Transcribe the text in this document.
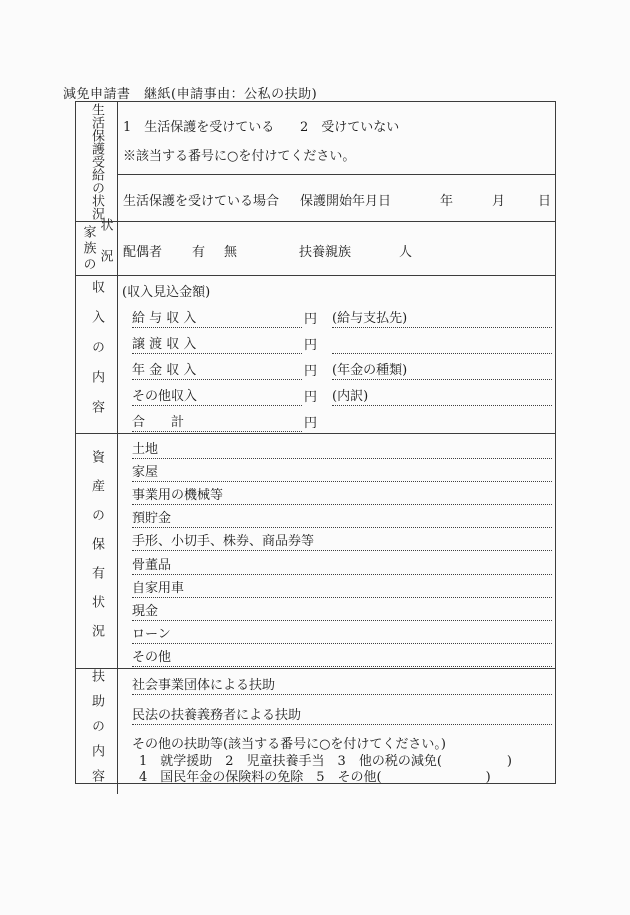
減免申請書　継紙(申請事由：公私の扶助)
生活保護受給の状況 1　生活保護を受けている 2　受けていない
※該当する番号に○を付けてください。
生活保護を受けている場合 保護開始年月日	年	月	日
家族の 状況 配偶者 有 無	扶養親族	人
収入の内容 (収入見込金額)
給 与 収 入	円 (給与支払先)
譲 渡 収 入	円
年 金 収 入	円 (年金の種類)
その他収入	円 (内訳)
合　　計	円
資産の保有状況 土地
家屋
事業用の機械等
預貯金
手形、小切手、株券、商品券等
骨董品
自家用車
現金
ローン
その他
扶助の内容 社会事業団体による扶助
民法の扶養義務者による扶助
その他の扶助等(該当する番号に○を付けてください。)
1　就学援助　2　児童扶養手当　3　他の税の減免(　　　　　)
4　国民年金の保険料の免除　5　その他(　　　　　　　　)
